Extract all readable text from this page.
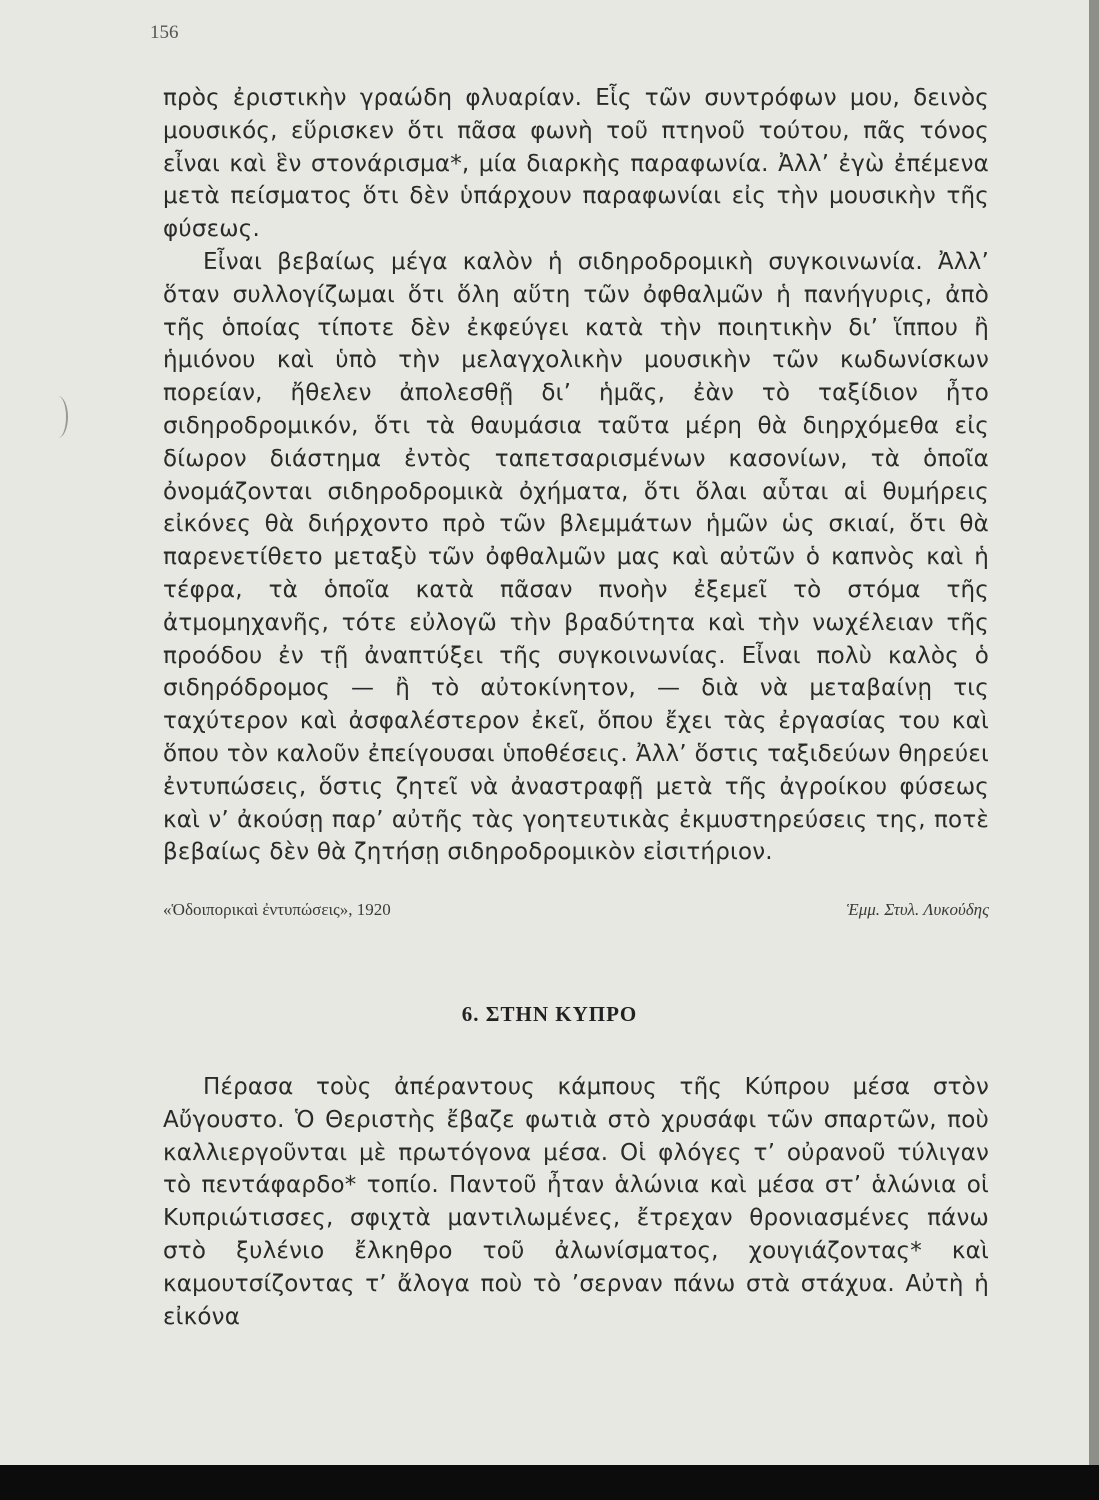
156

πρὸς ἐριστικὴν γραώδη φλυαρίαν. Εἷς τῶν συντρόφων μου, δεινὸς μουσικός, εὕρισκεν ὅτι πᾶσα φωνὴ τοῦ πτηνοῦ τούτου, πᾶς τόνος εἶναι καὶ ἓν στονάρισμα*, μία διαρκὴς παραφωνία. Ἀλλ’ ἐγὼ ἐπέμενα μετὰ πείσματος ὅτι δὲν ὑπάρχουν παραφωνίαι εἰς τὴν μουσικὴν τῆς φύσεως.

Εἶναι βεβαίως μέγα καλὸν ἡ σιδηροδρομικὴ συγκοινωνία. Ἀλλ’ ὅταν συλλογίζωμαι ὅτι ὅλη αὕτη τῶν ὀφθαλμῶν ἡ πανήγυρις, ἀπὸ τῆς ὁποίας τίποτε δὲν ἐκφεύγει κατὰ τὴν ποιητικὴν δι’ ἵππου ἢ ἡμιόνου καὶ ὑπὸ τὴν μελαγχολικὴν μουσικὴν τῶν κωδωνίσκων πορείαν, ἤθελεν ἀπολεσθῇ δι’ ἡμᾶς, ἐὰν τὸ ταξίδιον ἦτο σιδηροδρομικόν, ὅτι τὰ θαυμάσια ταῦτα μέρη θὰ διηρχόμεθα εἰς δίωρον διάστημα ἐντὸς ταπετσαρισμένων κασονίων, τὰ ὁποῖα ὀνομάζονται σιδηροδρομικὰ ὀχήματα, ὅτι ὅλαι αὗται αἱ θυμήρεις εἰκόνες θὰ διήρχοντο πρὸ τῶν βλεμμάτων ἡμῶν ὡς σκιαί, ὅτι θὰ παρενετίθετο μεταξὺ τῶν ὀφθαλμῶν μας καὶ αὐτῶν ὁ καπνὸς καὶ ἡ τέφρα, τὰ ὁποῖα κατὰ πᾶσαν πνοὴν ἐξεμεῖ τὸ στόμα τῆς ἀτμομηχανῆς, τότε εὐλογῶ τὴν βραδύτητα καὶ τὴν νωχέλειαν τῆς προόδου ἐν τῇ ἀναπτύξει τῆς συγκοινωνίας. Εἶναι πολὺ καλὸς ὁ σιδηρόδρομος — ἢ τὸ αὐτοκίνητον, — διὰ νὰ μεταβαίνῃ τις ταχύτερον καὶ ἀσφαλέστερον ἐκεῖ, ὅπου ἔχει τὰς ἐργασίας του καὶ ὅπου τὸν καλοῦν ἐπείγουσαι ὑποθέσεις. Ἀλλ’ ὅστις ταξιδεύων θηρεύει ἐντυπώσεις, ὅστις ζητεῖ νὰ ἀναστραφῇ μετὰ τῆς ἀγροίκου φύσεως καὶ ν’ ἀκούσῃ παρ’ αὐτῆς τὰς γοητευτικὰς ἐκμυστηρεύσεις της, ποτὲ βεβαίως δὲν θὰ ζητήσῃ σιδηροδρομικὸν εἰσιτήριον.

«Ὁδοιπορικαὶ ἐντυπώσεις», 1920	Ἑμμ. Στυλ. Λυκούδης
6. ΣΤΗΝ ΚΥΠΡΟ

Πέρασα τοὺς ἀπέραντους κάμπους τῆς Κύπρου μέσα στὸν Αὔγουστο. Ὁ Θεριστὴς ἔβαζε φωτιὰ στὸ χρυσάφι τῶν σπαρτῶν, ποὺ καλλιεργοῦνται μὲ πρωτόγονα μέσα. Οἱ φλόγες τ’ οὐρανοῦ τύλιγαν τὸ πεντάφαρδο* τοπίο. Παντοῦ ἦταν ἁλώνια καὶ μέσα στ’ ἁλώνια οἱ Κυπριώτισσες, σφιχτὰ μαντιλωμένες, ἔτρεχαν θρονιασμένες πάνω στὸ ξυλένιο ἔλκηθρο τοῦ ἀλωνίσματος, χουγιάζοντας* καὶ καμουτσίζοντας τ’ ἄλογα ποὺ τὸ ’σερναν πάνω στὰ στάχυα. Αὐτὴ ἡ εἰκόνα
